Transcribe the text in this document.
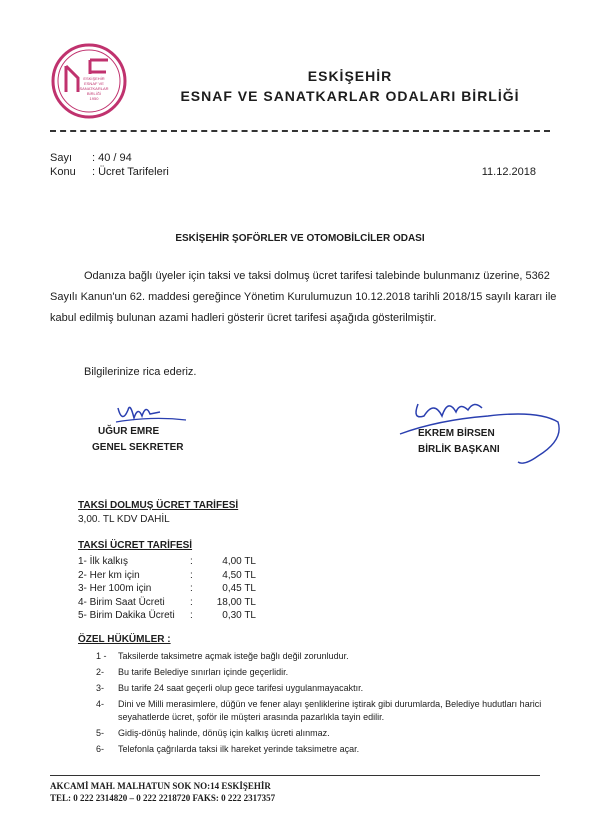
ESKİŞEHİR
ESNAF VE
SANATKARLAR
BİRLİĞİ
1950
ESKİŞEHİR
ESNAF VE SANATKARLAR ODALARI BİRLİĞİ
Sayı : 40 / 94
Konu : Ücret Tarifeleri	11.12.2018
ESKİŞEHİR ŞOFÖRLER VE OTOMOBİLCİLER ODASI
Odanıza bağlı üyeler için taksi ve taksi dolmuş ücret tarifesi talebinde bulunmanız üzerine, 5362 Sayılı Kanun'un 62. maddesi gereğince Yönetim Kurulumuzun 10.12.2018 tarihli 2018/15 sayılı kararı ile kabul edilmiş bulunan azami hadleri gösterir ücret tarifesi aşağıda gösterilmiştir.
Bilgilerinize rica ederiz.
UĞUR EMRE
GENEL SEKRETER
EKREM BİRSEN
BİRLİK BAŞKANI
TAKSİ DOLMUŞ ÜCRET TARİFESİ
3,00. TL KDV DAHİL
TAKSİ ÜCRET TARİFESİ
1- İlk kalkış	:	4,00 TL
2- Her km için	:	4,50 TL
3- Her 100m için	:	0,45 TL
4- Birim Saat Ücreti	: 18,00 TL
5- Birim Dakika Ücreti :	0,30 TL
ÖZEL HÜKÜMLER :
1 -	Taksilerde taksimetre açmak isteğe bağlı değil zorunludur.
2-	Bu tarife Belediye sınırları içinde geçerlidir.
3-	Bu tarife 24 saat geçerli olup gece tarifesi uygulanmayacaktır.
4-	Dini ve Milli merasimlere, düğün ve fener alayı şenliklerine iştirak gibi durumlarda, Belediye hudutları harici seyahatlerde ücret, şoför ile müşteri arasında pazarlıkla tayin edilir.
5-	Gidiş-dönüş halinde, dönüş için kalkış ücreti alınmaz.
6-	Telefonla çağrılarda taksi ilk hareket yerinde taksimetre açar.
AKCAMİ MAH. MALHATUN SOK NO:14 ESKİŞEHİR
TEL: 0 222 2314820 – 0 222 2218720 FAKS: 0 222 2317357
